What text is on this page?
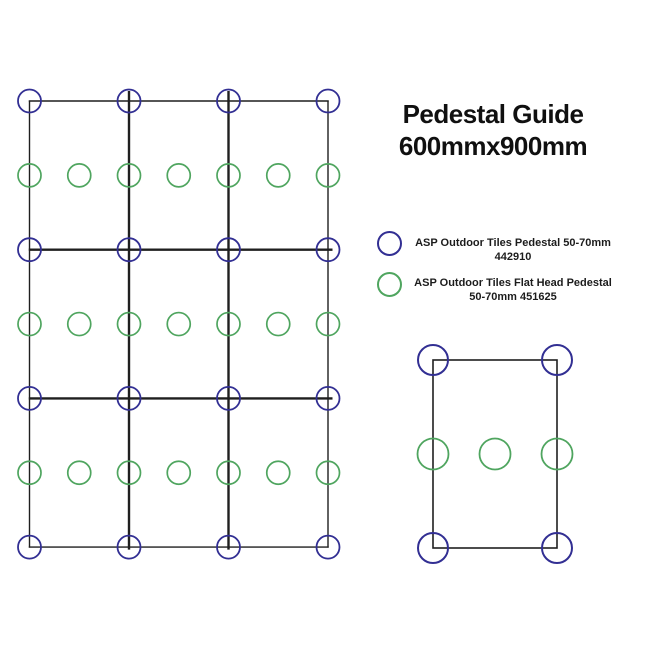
Pedestal Guide
600mmx900mm
ASP Outdoor Tiles Pedestal 50-70mm
442910
ASP Outdoor Tiles Flat Head Pedestal
50-70mm 451625
